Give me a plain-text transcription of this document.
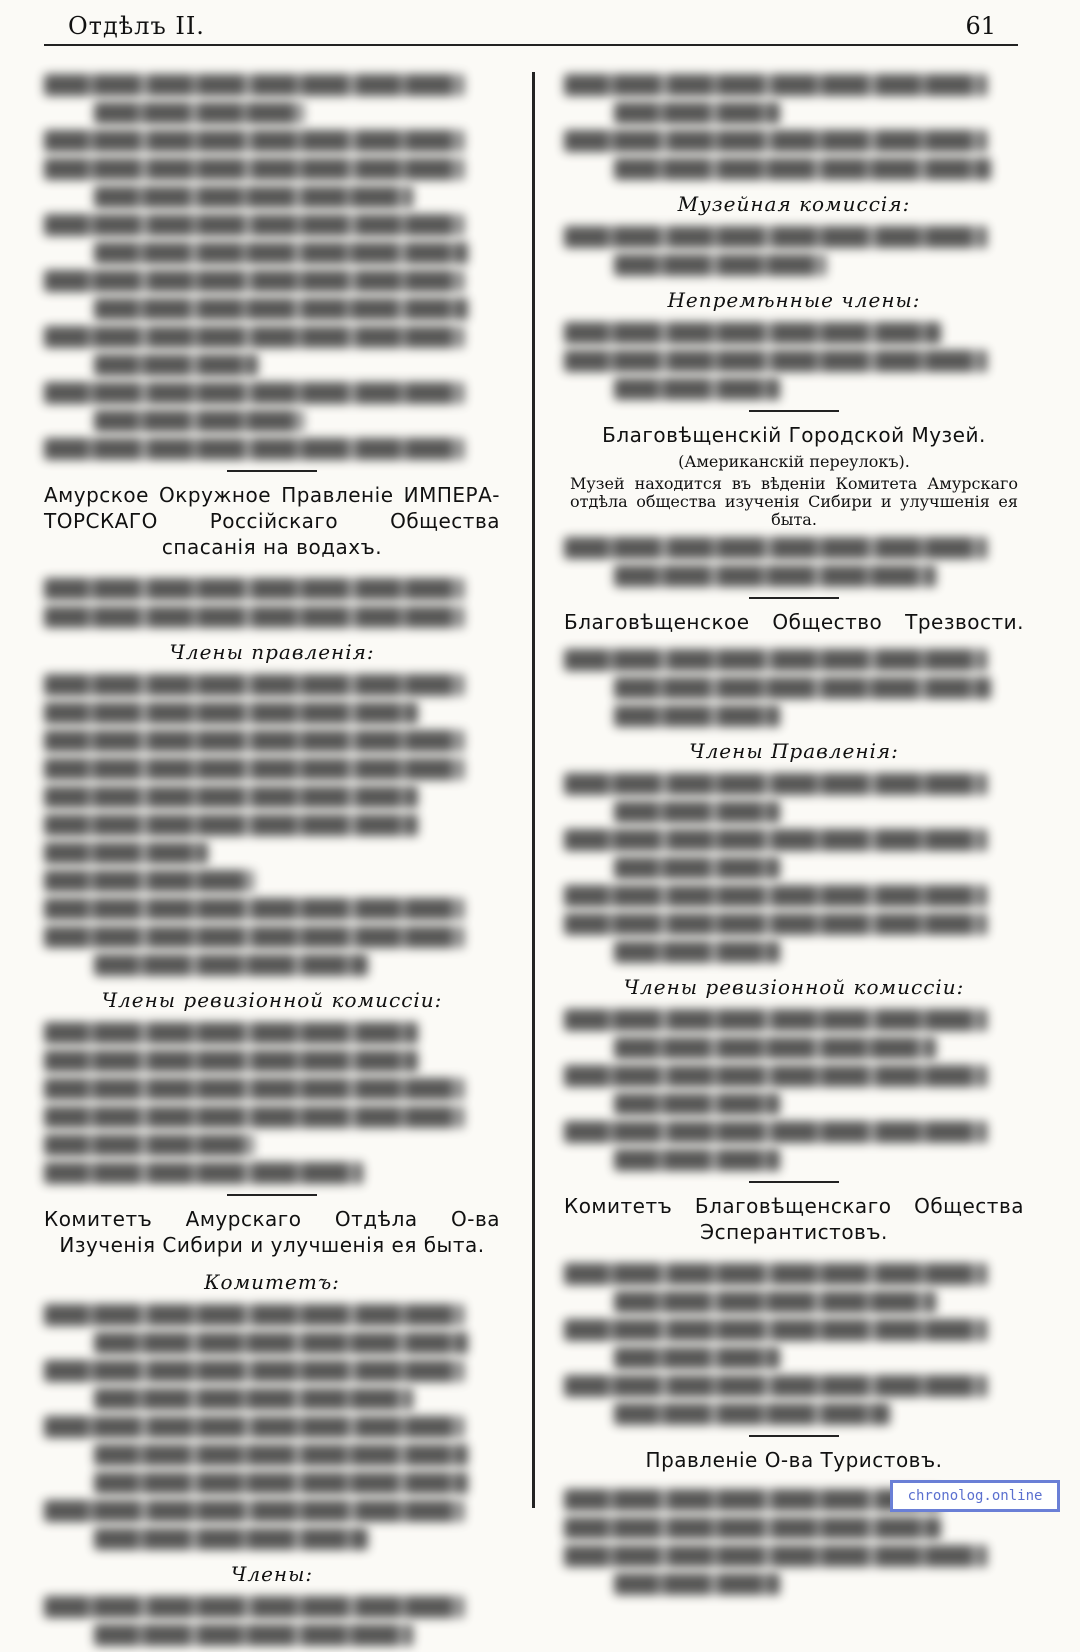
Отдѣлъ II.	61
Амурское Окружное Правленіе ИМПЕРА-ТОРСКАГО Россійскаго Общества спасанія на водахъ.
Члены правленія:
Члены ревизіонной комиссіи:
Комитетъ Амурскаго Отдѣла О-ва Изученія Сибири и улучшенія ея быта.
Комитетъ:
Члены:
Музейная комиссія:
Непремѣнные члены:
Благовѣщенскій Городской Музей.
(Американскій переулокъ).
Музей находится въ вѣденіи Комитета Амурскаго отдѣла общества изученія Сибири и улучшенія ея быта.
Благовѣщенское Общество Трезвости.
Члены Правленія:
Члены ревизіонной комиссіи:
Комитетъ Благовѣщенскаго Общества Эсперантистовъ.
Правленіе О-ва Туристовъ.
chronolog.online
